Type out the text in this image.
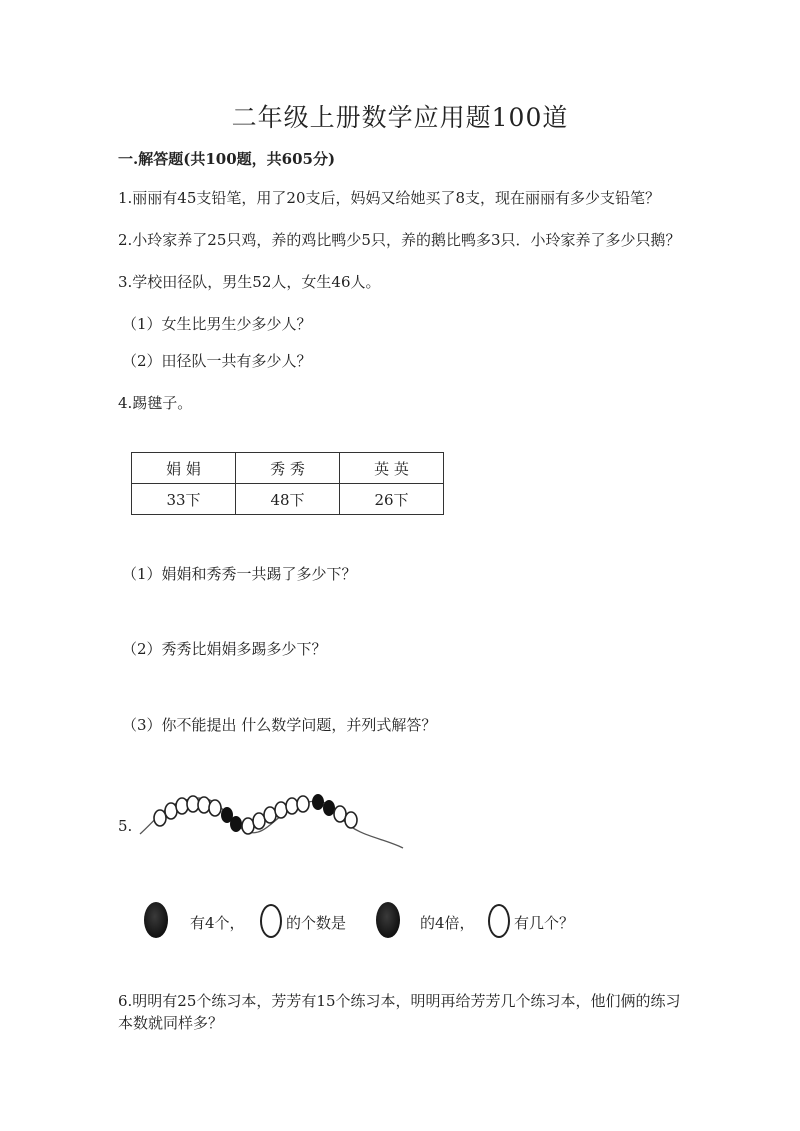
二年级上册数学应用题100道
一.解答题(共100题，共605分)
1.丽丽有45支铅笔，用了20支后，妈妈又给她买了8支，现在丽丽有多少支铅笔？
2.小玲家养了25只鸡，养的鸡比鸭少5只，养的鹅比鸭多3只．小玲家养了多少只鹅？
3.学校田径队，男生52人，女生46人。
（1）女生比男生少多少人？
（2）田径队一共有多少人？
4.踢毽子。
娟 娟	秀 秀	英 英
33下	48下	26下
（1）娟娟和秀秀一共踢了多少下？
（2）秀秀比娟娟多踢多少下？
（3）你不能提出 什么数学问题，并列式解答？
5.
有4个，	的个数是	的4倍，	有几个？
6.明明有25个练习本，芳芳有15个练习本，明明再给芳芳几个练习本，他们俩的练习本数就同样多？
